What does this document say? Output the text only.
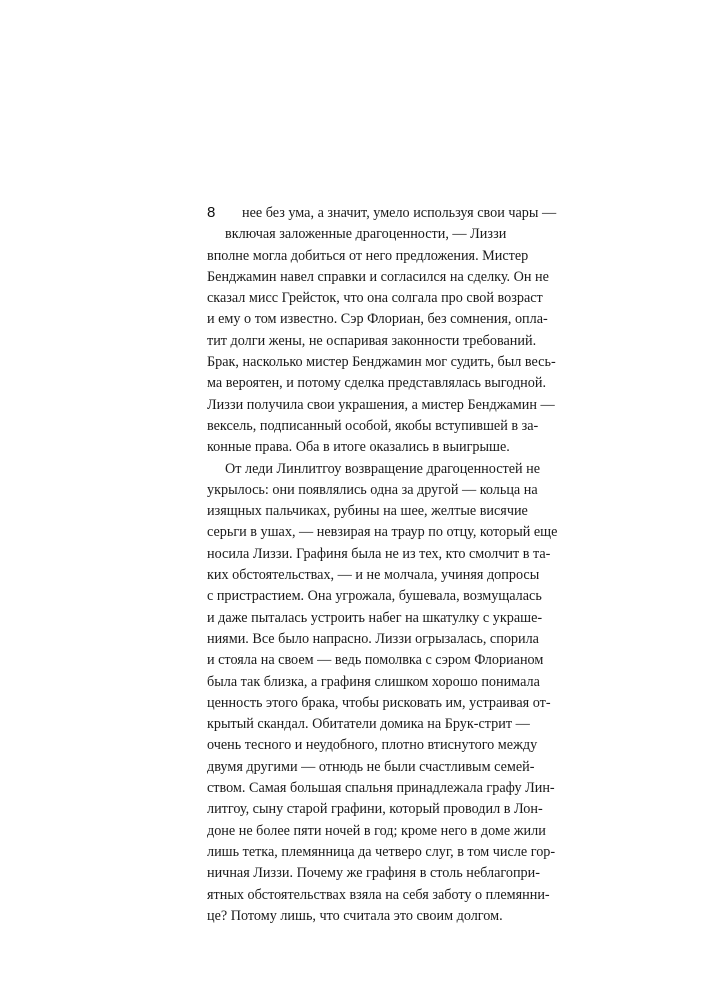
8	нее без ума, а значит, умело используя свои чары —
включая заложенные драгоценности, — Лиззи
вполне могла добиться от него предложения. Мистер
Бенджамин навел справки и согласился на сделку. Он не
сказал мисс Грейсток, что она солгала про свой возраст
и ему о том известно. Сэр Флориан, без сомнения, опла-
тит долги жены, не оспаривая законности требований.
Брак, насколько мистер Бенджамин мог судить, был весь-
ма вероятен, и потому сделка представлялась выгодной.
Лиззи получила свои украшения, а мистер Бенджамин —
вексель, подписанный особой, якобы вступившей в за-
конные права. Оба в итоге оказались в выигрыше.
От леди Линлитгоу возвращение драгоценностей не
укрылось: они появлялись одна за другой — кольца на
изящных пальчиках, рубины на шее, желтые висячие
серьги в ушах, — невзирая на траур по отцу, который еще
носила Лиззи. Графиня была не из тех, кто смолчит в та-
ких обстоятельствах, — и не молчала, учиняя допросы
с пристрастием. Она угрожала, бушевала, возмущалась
и даже пыталась устроить набег на шкатулку с украше-
ниями. Все было напрасно. Лиззи огрызалась, спорила
и стояла на своем — ведь помолвка с сэром Флорианом
была так близка, а графиня слишком хорошо понимала
ценность этого брака, чтобы рисковать им, устраивая от-
крытый скандал. Обитатели домика на Брук-стрит —
очень тесного и неудобного, плотно втиснутого между
двумя другими — отнюдь не были счастливым семей-
ством. Самая большая спальня принадлежала графу Лин-
литгоу, сыну старой графини, который проводил в Лон-
доне не более пяти ночей в год; кроме него в доме жили
лишь тетка, племянница да четверо слуг, в том числе гор-
ничная Лиззи. Почему же графиня в столь неблагопри-
ятных обстоятельствах взяла на себя заботу о племянни-
це? Потому лишь, что считала это своим долгом.
